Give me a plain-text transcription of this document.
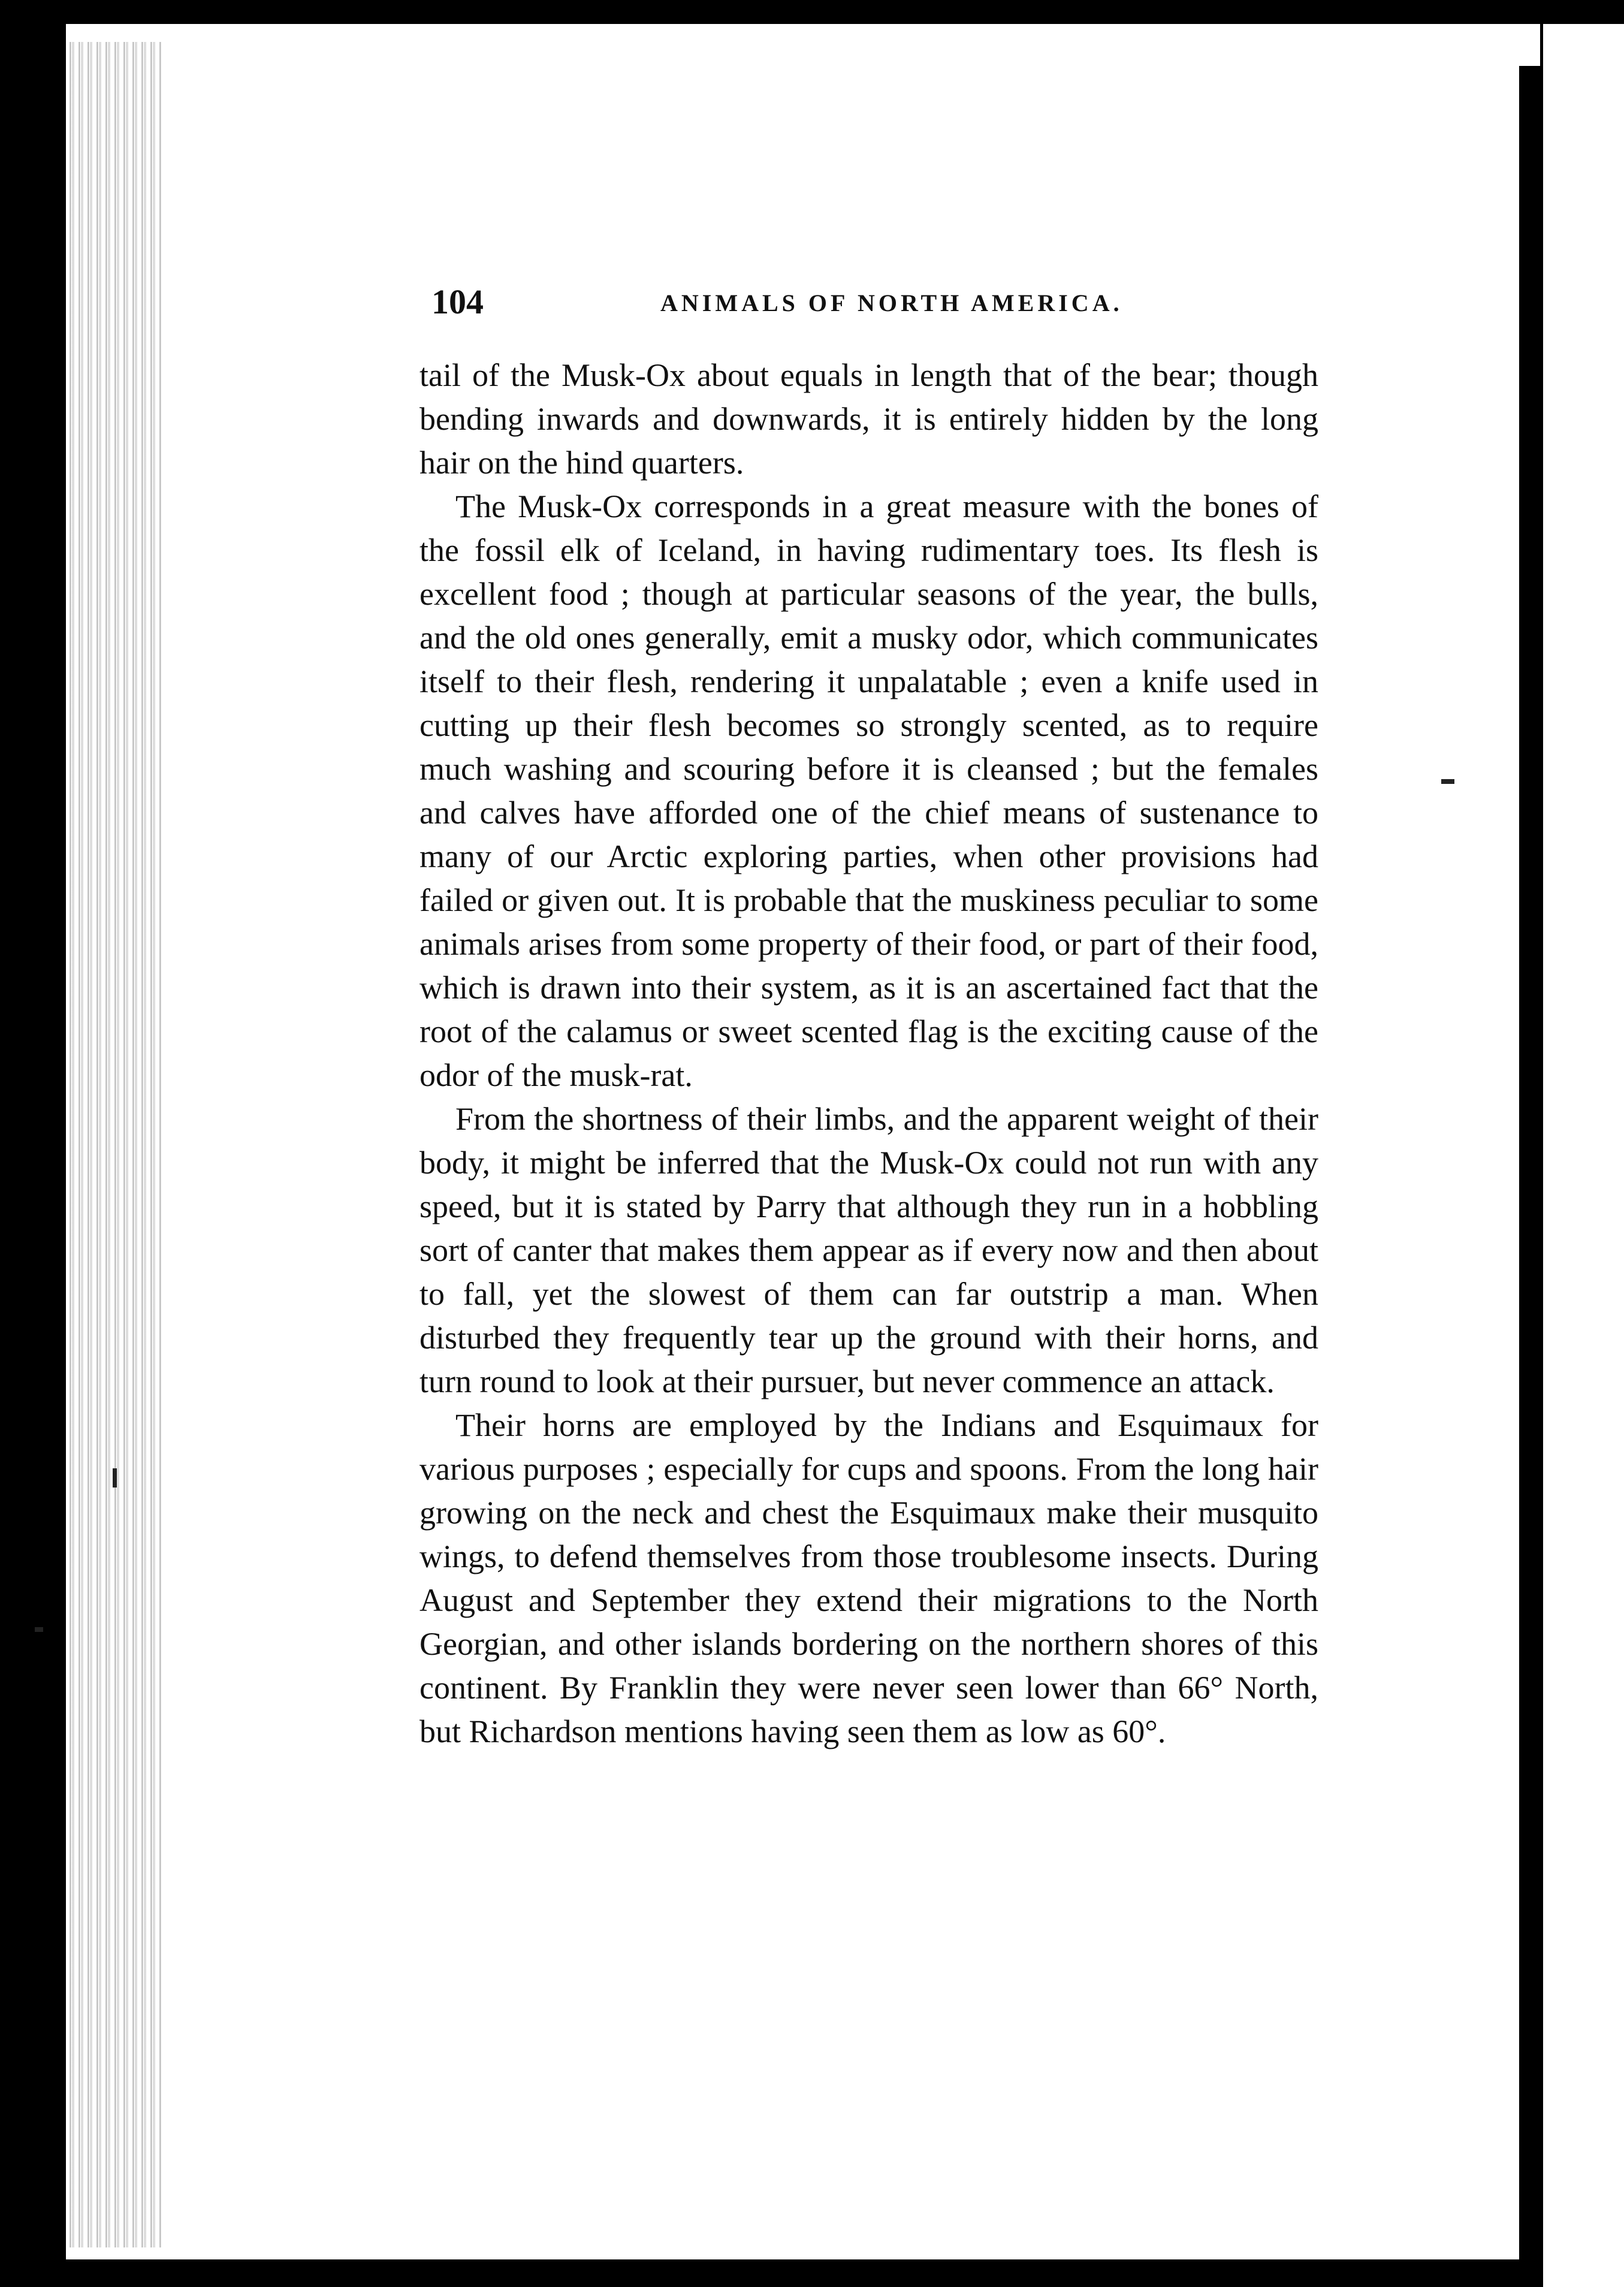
104	ANIMALS OF NORTH AMERICA.

tail of the Musk-Ox about equals in length that of the bear; though bending inwards and downwards, it is entirely hidden by the long hair on the hind quarters.

The Musk-Ox corresponds in a great measure with the bones of the fossil elk of Iceland, in having rudimentary toes. Its flesh is excellent food ; though at particular seasons of the year, the bulls, and the old ones generally, emit a musky odor, which communicates itself to their flesh, rendering it unpalatable ; even a knife used in cutting up their flesh becomes so strongly scented, as to require much washing and scouring before it is cleansed ; but the females and calves have afforded one of the chief means of sustenance to many of our Arctic exploring parties, when other provisions had failed or given out. It is probable that the muskiness peculiar to some animals arises from some property of their food, or part of their food, which is drawn into their system, as it is an ascertained fact that the root of the calamus or sweet scented flag is the exciting cause of the odor of the musk-rat.

From the shortness of their limbs, and the apparent weight of their body, it might be inferred that the Musk-Ox could not run with any speed, but it is stated by Parry that although they run in a hobbling sort of canter that makes them appear as if every now and then about to fall, yet the slowest of them can far outstrip a man. When disturbed they frequently tear up the ground with their horns, and turn round to look at their pursuer, but never commence an attack.

Their horns are employed by the Indians and Esquimaux for various purposes ; especially for cups and spoons. From the long hair growing on the neck and chest the Esquimaux make their musquito wings, to defend themselves from those troublesome insects. During August and September they extend their migrations to the North Georgian, and other islands bordering on the northern shores of this continent. By Franklin they were never seen lower than 66° North, but Richardson mentions having seen them as low as 60°.
